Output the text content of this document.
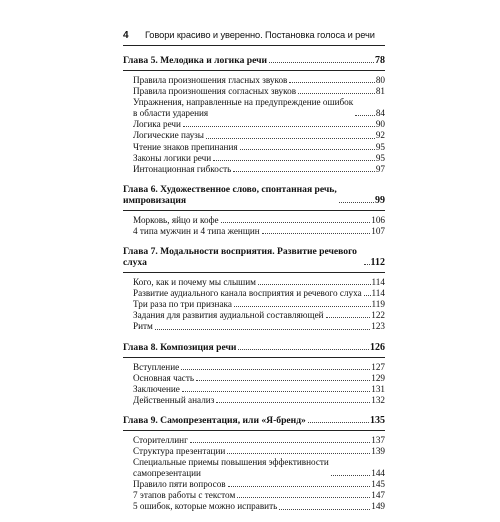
4	Говори красиво и уверенно. Постановка голоса и речи
Глава 5. Мелодика и логика речи	78
Правила произношения гласных звуков	80
Правила произношения согласных звуков	81
Упражнения, направленные на предупреждение ошибок
в области ударения	84
Логика речи	90
Логические паузы	92
Чтение знаков препинания	95
Законы логики речи	95
Интонационная гибкость	97
Глава 6. Художественное слово, спонтанная речь,
импровизация	99
Морковь, яйцо и кофе	106
4 типа мужчин и 4 типа женщин	107
Глава 7. Модальности восприятия. Развитие речевого слуха	112
Кого, как и почему мы слышим	114
Развитие аудиального канала восприятия и речевого слуха 114
Три раза по три признака	119
Задания для развития аудиальной составляющей	122
Ритм	123
Глава 8. Композиция речи	126
Вступление	127
Основная часть	129
Заключение	131
Действенный анализ	132
Глава 9. Самопрезентация, или «Я-бренд»	135
Сторителлинг	137
Структура презентации	139
Специальные приемы повышения эффективности
самопрезентации	144
Правило пяти вопросов	145
7 этапов работы с текстом	147
5 ошибок, которые можно исправить	149
